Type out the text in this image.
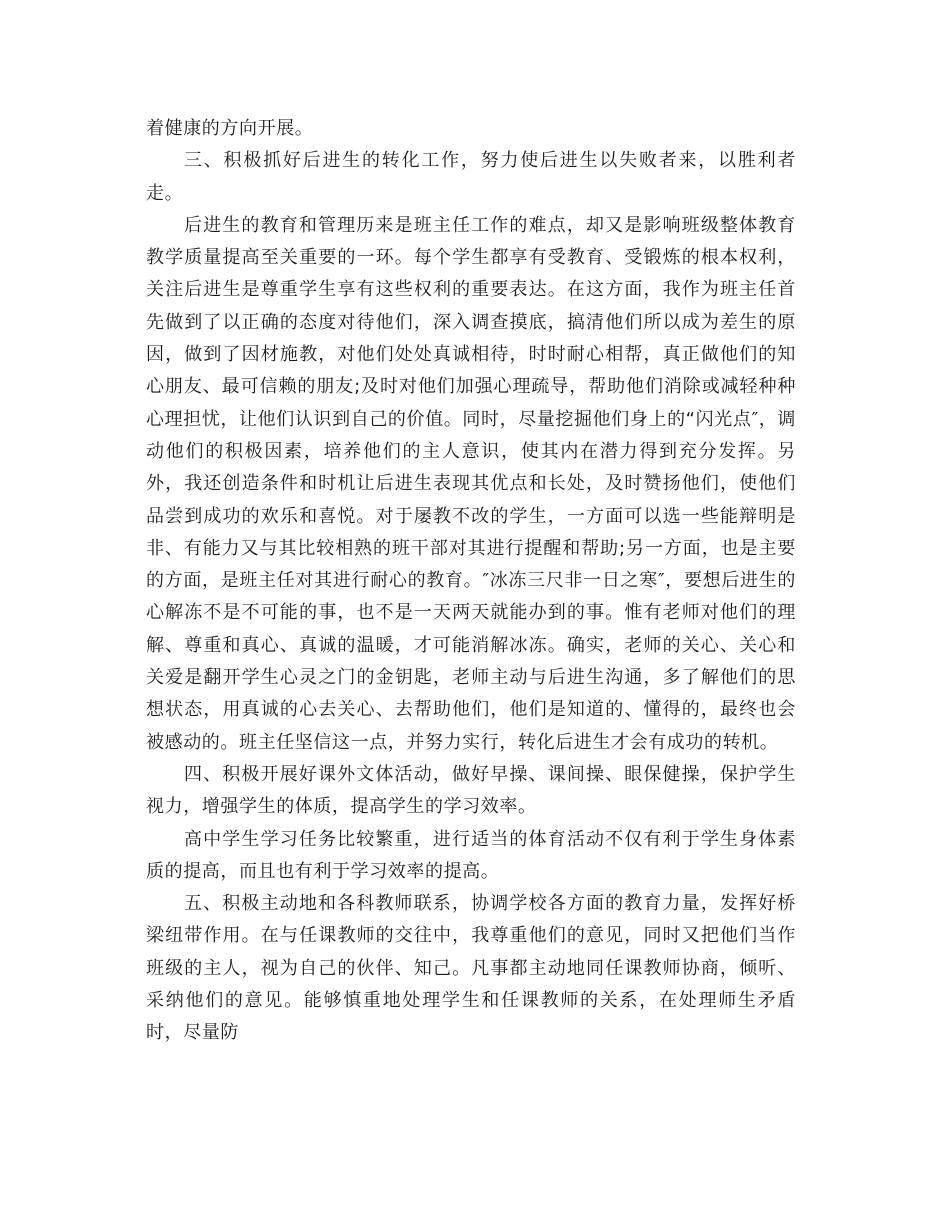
着健康的方向开展。

三、积极抓好后进生的转化工作，努力使后进生以失败者来，以胜利者走。

后进生的教育和管理历来是班主任工作的难点，却又是影响班级整体教育教学质量提高至关重要的一环。每个学生都享有受教育、受锻炼的根本权利，关注后进生是尊重学生享有这些权利的重要表达。在这方面，我作为班主任首先做到了以正确的态度对待他们，深入调查摸底，搞清他们所以成为差生的原因，做到了因材施教，对他们处处真诚相待，时时耐心相帮，真正做他们的知心朋友、最可信赖的朋友;及时对他们加强心理疏导，帮助他们消除或减轻种种心理担忧，让他们认识到自己的价值。同时，尽量挖掘他们身上的“闪光点″，调动他们的积极因素，培养他们的主人意识，使其内在潜力得到充分发挥。另外，我还创造条件和时机让后进生表现其优点和长处，及时赞扬他们，使他们品尝到成功的欢乐和喜悦。对于屡教不改的学生，一方面可以选一些能辩明是非、有能力又与其比较相熟的班干部对其进行提醒和帮助;另一方面，也是主要的方面，是班主任对其进行耐心的教育。″冰冻三尺非一日之寒″，要想后进生的心解冻不是不可能的事，也不是一天两天就能办到的事。惟有老师对他们的理解、尊重和真心、真诚的温暖，才可能消解冰冻。确实，老师的关心、关心和关爱是翻开学生心灵之门的金钥匙，老师主动与后进生沟通，多了解他们的思想状态，用真诚的心去关心、去帮助他们，他们是知道的、懂得的，最终也会被感动的。班主任坚信这一点，并努力实行，转化后进生才会有成功的转机。

四、积极开展好课外文体活动，做好早操、课间操、眼保健操，保护学生视力，增强学生的体质，提高学生的学习效率。

高中学生学习任务比较繁重，进行适当的体育活动不仅有利于学生身体素质的提高，而且也有利于学习效率的提高。

五、积极主动地和各科教师联系，协调学校各方面的教育力量，发挥好桥梁纽带作用。在与任课教师的交往中，我尊重他们的意见，同时又把他们当作班级的主人，视为自己的伙伴、知己。凡事都主动地同任课教师协商，倾听、采纳他们的意见。能够慎重地处理学生和任课教师的关系，在处理师生矛盾时，尽量防
